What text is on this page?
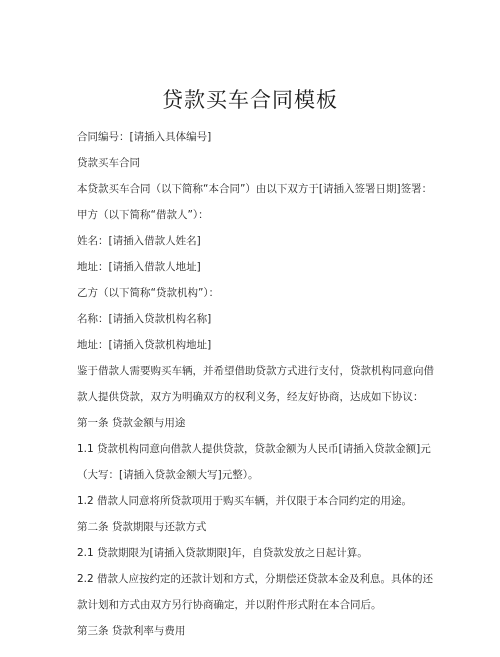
贷款买车合同模板
合同编号：[请插入具体编号]
贷款买车合同
本贷款买车合同（以下简称“本合同”）由以下双方于[请插入签署日期]签署：
甲方（以下简称“借款人”）：
姓名：[请插入借款人姓名]
地址：[请插入借款人地址]
乙方（以下简称“贷款机构”）：
名称：[请插入贷款机构名称]
地址：[请插入贷款机构地址]
鉴于借款人需要购买车辆，并希望借助贷款方式进行支付，贷款机构同意向借
款人提供贷款，双方为明确双方的权利义务，经友好协商，达成如下协议：
第一条 贷款金额与用途
1.1 贷款机构同意向借款人提供贷款，贷款金额为人民币[请插入贷款金额]元
（大写：[请插入贷款金额大写]元整）。
1.2 借款人同意将所贷款项用于购买车辆，并仅限于本合同约定的用途。
第二条 贷款期限与还款方式
2.1 贷款期限为[请插入贷款期限]年，自贷款发放之日起计算。
2.2 借款人应按约定的还款计划和方式，分期偿还贷款本金及利息。具体的还
款计划和方式由双方另行协商确定，并以附件形式附在本合同后。
第三条 贷款利率与费用
